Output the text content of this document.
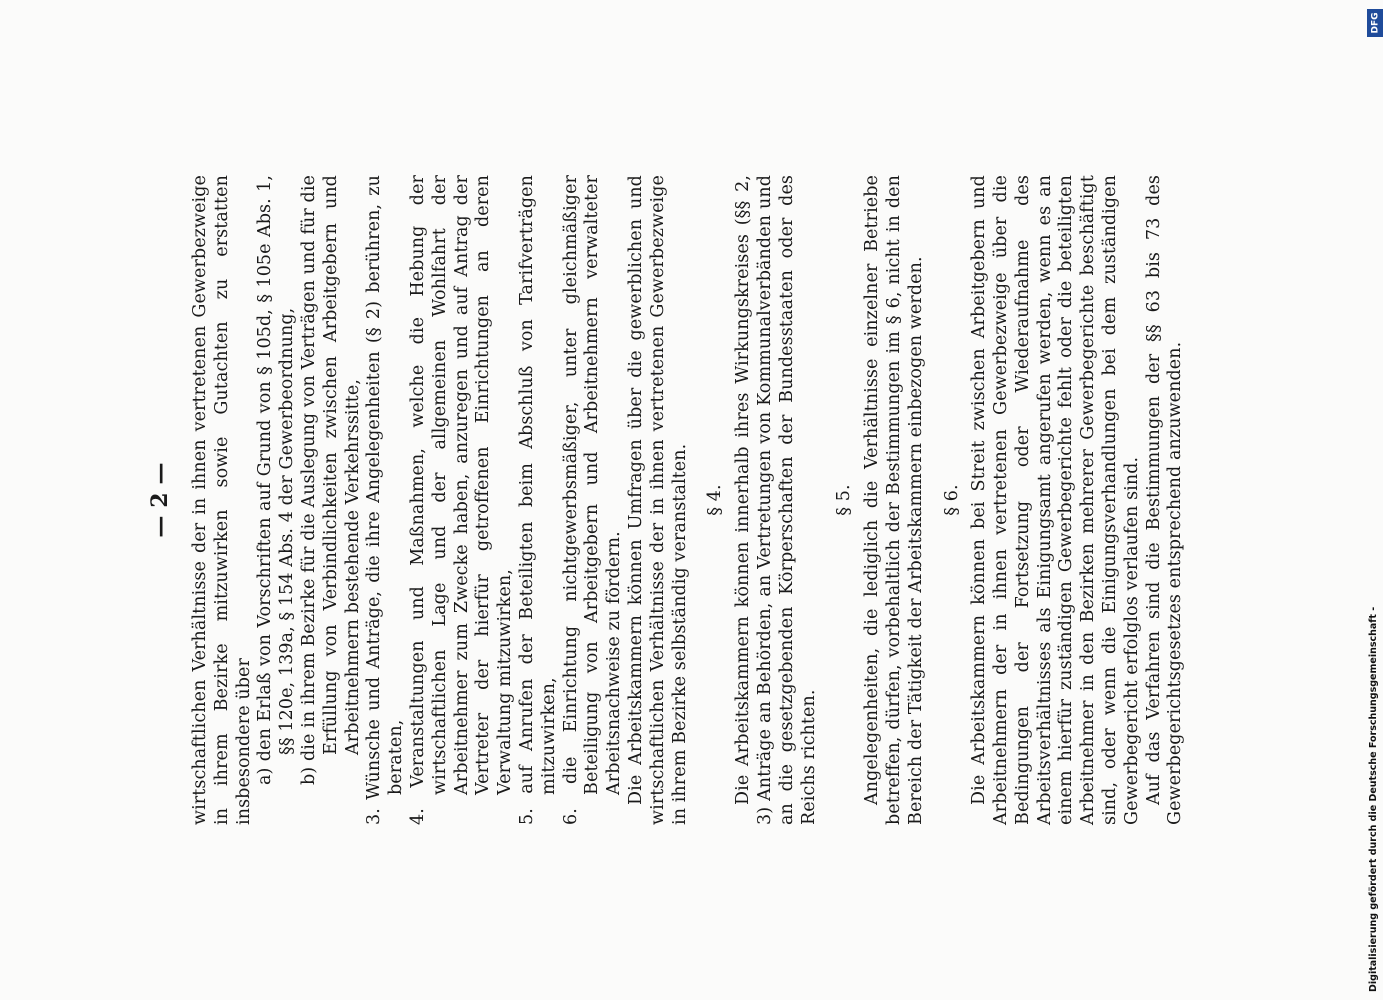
— 2 — wirtschaftlichen Verhältnisse der in ihnen vertretenen Gewerbezweige in ihrem Bezirke mitzuwirken sowie Gutachten zu erstatten insbesondere über a) den Erlaß von Vorschriften auf Grund von § 105d, § 105e Abs. 1, §§ 120e, 139a, § 154 Abs. 4 der Gewerbeordnung, b) die in ihrem Bezirke für die Auslegung von Verträgen und für die Erfüllung von Verbindlichkeiten zwischen Arbeitgebern und Arbeitnehmern bestehende Verkehrssitte, 3. Wünsche und Anträge, die ihre Angelegenheiten (§ 2) berühren, zu beraten, 4. Veranstaltungen und Maßnahmen, welche die Hebung der wirtschaftlichen Lage und der allgemeinen Wohlfahrt der Arbeitnehmer zum Zwecke haben, anzuregen und auf Antrag der Vertreter der hierfür getroffenen Einrichtungen an deren Verwaltung mitzuwirken, 5. auf Anrufen der Beteiligten beim Abschluß von Tarifverträgen mitzuwirken, 6. die Einrichtung nichtgewerbsmäßiger, unter gleichmäßiger Beteiligung von Arbeitgebern und Arbeitnehmern verwalteter Arbeitsnachweise zu fördern. Die Arbeitskammern können Umfragen über die gewerblichen und wirtschaftlichen Verhältnisse der in ihnen vertretenen Gewerbezweige in ihrem Bezirke selbständig veranstalten. § 4. Die Arbeitskammern können innerhalb ihres Wirkungskreises (§§ 2, 3) Anträge an Behörden, an Vertretungen von Kommunalverbänden und an die gesetzgebenden Körperschaften der Bundesstaaten oder des Reichs richten.

§ 5. Angelegenheiten, die lediglich die Verhältnisse einzelner Betriebe betreffen, dürfen, vorbehaltlich der Bestimmungen im § 6, nicht in den Bereich der Tätigkeit der Arbeitskammern einbezogen werden. § 6. Die Arbeitskammern können bei Streit zwischen Arbeitgebern und Arbeitnehmern der in ihnen vertretenen Gewerbezweige über die Bedingungen der Fortsetzung oder Wiederaufnahme des Arbeitsverhältnisses als Einigungsamt angerufen werden, wenn es an einem hierfür zuständigen Gewerbegerichte fehlt oder die beteiligten Arbeitnehmer in den Bezirken mehrerer Gewerbegerichte beschäftigt sind, oder wenn die Einigungsverhandlungen bei dem zuständigen Gewerbegericht erfolglos verlaufen sind. Auf das Verfahren sind die Bestimmungen der §§ 63 bis 73 des Gewerbegerichtsgesetzes entsprechend anzuwenden.	Digitalisierung gefördert durch die Deutsche Forschungsgemeinschaft -
DFG
